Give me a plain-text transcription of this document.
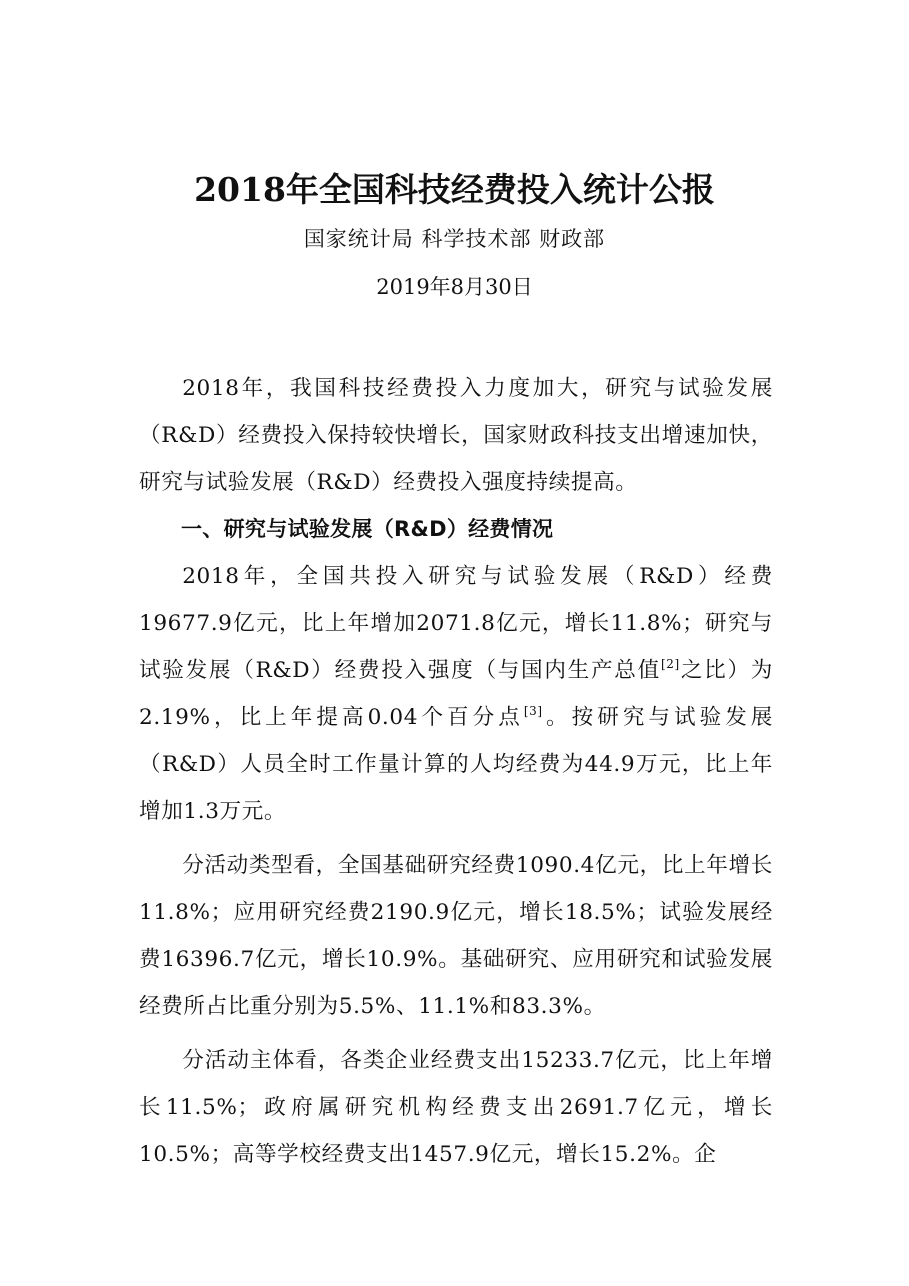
2018年全国科技经费投入统计公报
国家统计局 科学技术部 财政部
2019年8月30日

2018年，我国科技经费投入力度加大，研究与试验发展（R&D）经费投入保持较快增长，国家财政科技支出增速加快，研究与试验发展（R&D）经费投入强度持续提高。

一、研究与试验发展（R&D）经费情况

2018年，全国共投入研究与试验发展（R&D）经费19677.9亿元，比上年增加2071.8亿元，增长11.8%；研究与试验发展（R&D）经费投入强度（与国内生产总值[2]之比）为2.19%，比上年提高0.04个百分点[3]。按研究与试验发展（R&D）人员全时工作量计算的人均经费为44.9万元，比上年增加1.3万元。

分活动类型看，全国基础研究经费1090.4亿元，比上年增长11.8%；应用研究经费2190.9亿元，增长18.5%；试验发展经费16396.7亿元，增长10.9%。基础研究、应用研究和试验发展经费所占比重分别为5.5%、11.1%和83.3%。

分活动主体看，各类企业经费支出15233.7亿元，比上年增长11.5%；政府属研究机构经费支出2691.7亿元，增长10.5%；高等学校经费支出1457.9亿元，增长15.2%。企
